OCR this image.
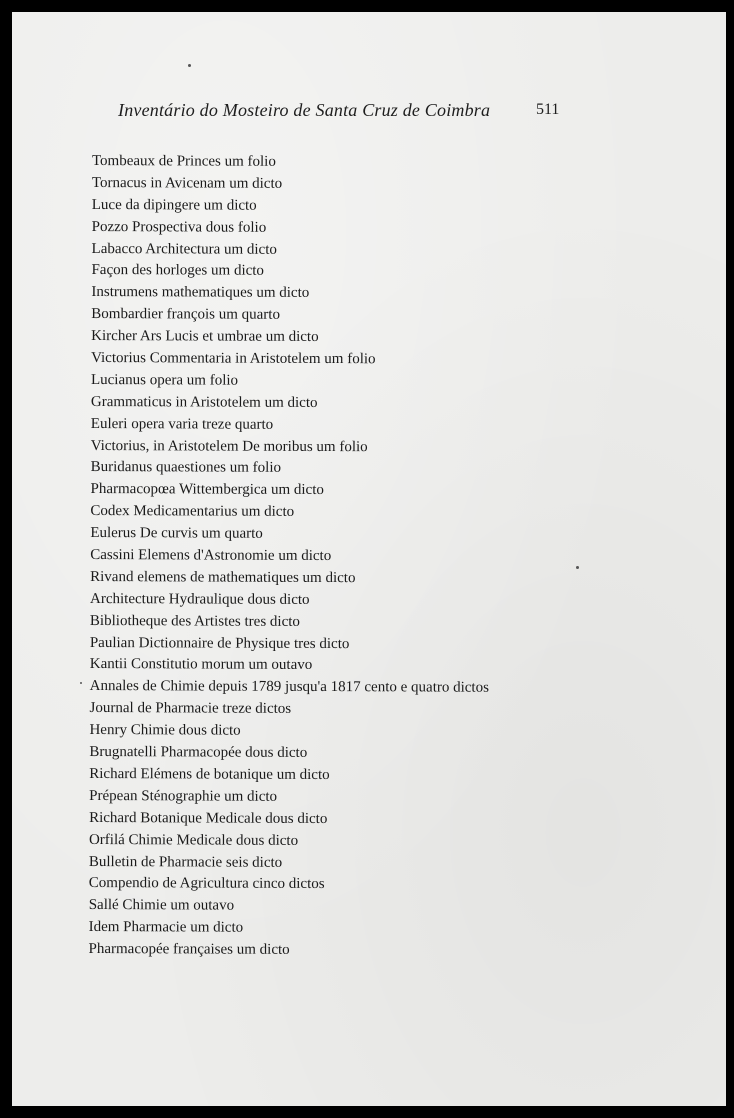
Inventário do Mosteiro de Santa Cruz de Coimbra	511
Tombeaux de Princes um folio
Tornacus in Avicenam um dicto
Luce da dipingere um dicto
Pozzo Prospectiva dous folio
Labacco Architectura um dicto
Façon des horloges um dicto
Instrumens mathematiques um dicto
Bombardier françois um quarto
Kircher Ars Lucis et umbrae um dicto
Victorius Commentaria in Aristotelem um folio
Lucianus opera um folio
Grammaticus in Aristotelem um dicto
Euleri opera varia treze quarto
Victorius, in Aristotelem De moribus um folio
Buridanus quaestiones um folio
Pharmacopœa Wittembergica um dicto
Codex Medicamentarius um dicto
Eulerus De curvis um quarto
Cassini Elemens d'Astronomie um dicto
Rivand elemens de mathematiques um dicto
Architecture Hydraulique dous dicto
Bibliotheque des Artistes tres dicto
Paulian Dictionnaire de Physique tres dicto
Kantii Constitutio morum um outavo
Annales de Chimie depuis 1789 jusqu'a 1817 cento e quatro dictos
Journal de Pharmacie treze dictos
Henry Chimie dous dicto
Brugnatelli Pharmacopée dous dicto
Richard Elémens de botanique um dicto
Prépean Sténographie um dicto
Richard Botanique Medicale dous dicto
Orfilá Chimie Medicale dous dicto
Bulletin de Pharmacie seis dicto
Compendio de Agricultura cinco dictos
Sallé Chimie um outavo
Idem Pharmacie um dicto
Pharmacopée françaises um dicto
